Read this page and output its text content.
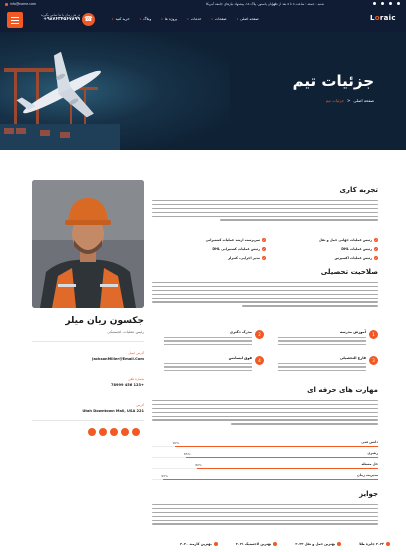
info@name.com	خیابان پاستور، پلاک ۱۵، پیشنهاد نیازهای جامعه آمریکا
شنبه - جمعه : ساعت ۸ تا ۵ بعد از ظهر
در هر زمان با ما تماس بگیرید
+۹۸۷۶۳۴۵۶۷۸۹۹ ☎	صفحه اصلی ▾
صفحات ▾
خدمات ▾
پروژه ها ▾
وبلاگ ▾
خرید کنید ▾	Loraic
جزئیات تیم
صفحه اصلی
<
جزئیات تیم
جکسون ریان میلر
رئیس عملیات، لجستیکی
آدرس ایمیل
JacksonMiller@Email.Com
شماره تلفن
78999 456 123+
آدرس
Utah Downtown Mall, USA 221
تجربه کاری
✓
رئیس عملیات جهانی حمل و نقل
✓
سرپرست ارشد عملیات کشتیرانی
✓
رئیس عملیات DHL
✓
رئیس عملیات کشتیرانی DHL
✓
رئیس عملیات اکسپرس
✓
مدیر اجرایی، کنترلر
صلاحیت تحصیلی
1
آموزش مدرسه
2
مدرک دکتری
3
فارغ التحصیلی
4
فوق لیسانس
مهارت های حرفه ای
دانش فنی
90%
رهبری
85%
حل مسئله
80%
مدیریت زمان
95%
جوایز
۲۰۲۳ جایزه طلا
بهترین حمل و نقل ۲۰۲۲
بهترین لاجستیک ۲۰۲۱
بهترین کارمند ۲۰۲۰
